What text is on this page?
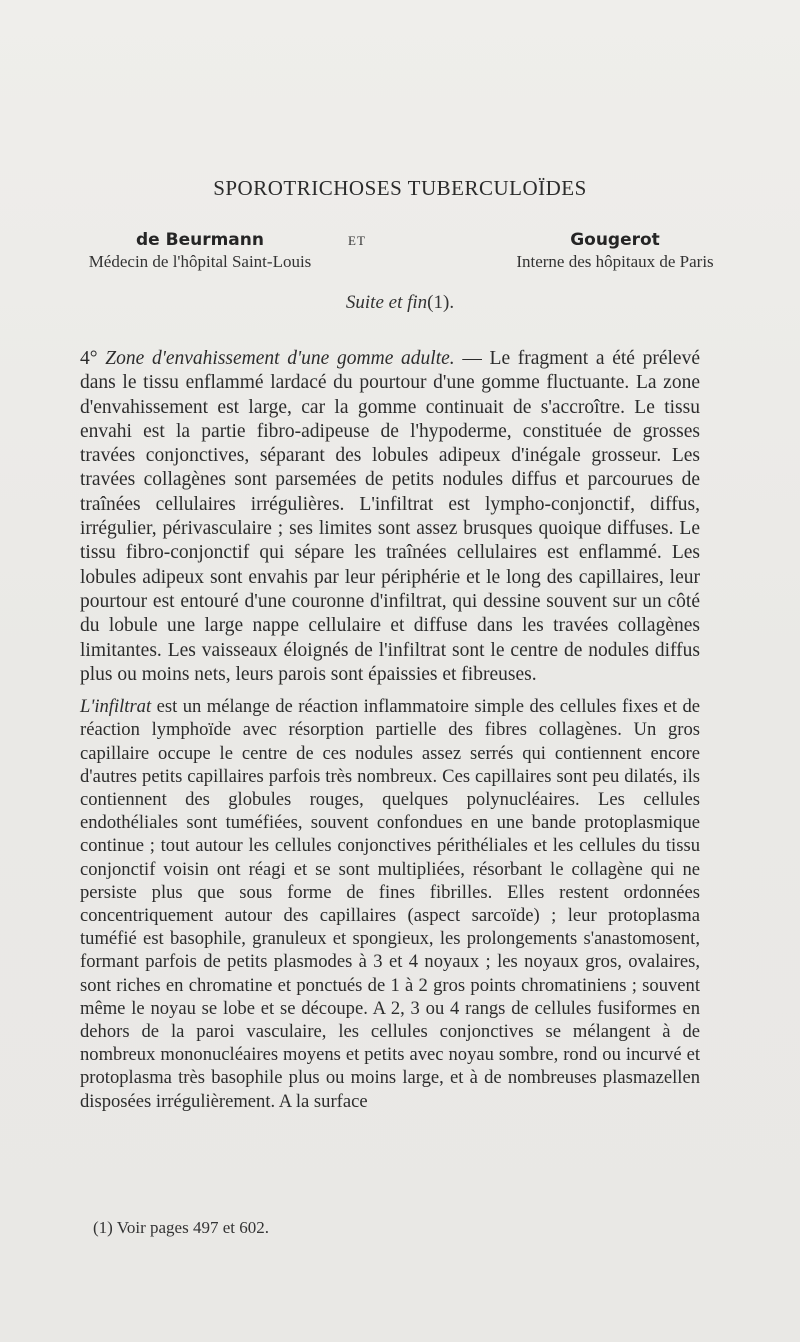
SPOROTRICHOSES TUBERCULOÏDES
de Beurmann
Médecin de l'hôpital Saint-Louis
ET	Gougerot
Interne des hôpitaux de Paris
Suite et fin(1).

4° Zone d'envahissement d'une gomme adulte. — Le fragment a été prélevé dans le tissu enflammé lardacé du pourtour d'une gomme fluctuante. La zone d'envahissement est large, car la gomme continuait de s'accroître. Le tissu envahi est la partie fibro-adipeuse de l'hypoderme, constituée de grosses travées conjonctives, séparant des lobules adipeux d'inégale grosseur. Les travées collagènes sont parsemées de petits nodules diffus et parcourues de traînées cellulaires irrégulières. L'infiltrat est lympho-conjonctif, diffus, irrégulier, périvasculaire ; ses limites sont assez brusques quoique diffuses. Le tissu fibro-conjonctif qui sépare les traînées cellulaires est enflammé. Les lobules adipeux sont envahis par leur périphérie et le long des capillaires, leur pourtour est entouré d'une couronne d'infiltrat, qui dessine souvent sur un côté du lobule une large nappe cellulaire et diffuse dans les travées collagènes limitantes. Les vaisseaux éloignés de l'infiltrat sont le centre de nodules diffus plus ou moins nets, leurs parois sont épaissies et fibreuses.

L'infiltrat est un mélange de réaction inflammatoire simple des cellules fixes et de réaction lymphoïde avec résorption partielle des fibres collagènes. Un gros capillaire occupe le centre de ces nodules assez serrés qui contiennent encore d'autres petits capillaires parfois très nombreux. Ces capillaires sont peu dilatés, ils contiennent des globules rouges, quelques polynucléaires. Les cellules endothéliales sont tuméfiées, souvent confondues en une bande protoplasmique continue ; tout autour les cellules conjonctives périthéliales et les cellules du tissu conjonctif voisin ont réagi et se sont multipliées, résorbant le collagène qui ne persiste plus que sous forme de fines fibrilles. Elles restent ordonnées concentriquement autour des capillaires (aspect sarcoïde) ; leur protoplasma tuméfié est basophile, granuleux et spongieux, les prolongements s'anastomosent, formant parfois de petits plasmodes à 3 et 4 noyaux ; les noyaux gros, ovalaires, sont riches en chromatine et ponctués de 1 à 2 gros points chromatiniens ; souvent même le noyau se lobe et se découpe. A 2, 3 ou 4 rangs de cellules fusiformes en dehors de la paroi vasculaire, les cellules conjonctives se mélangent à de nombreux mononucléaires moyens et petits avec noyau sombre, rond ou incurvé et protoplasma très basophile plus ou moins large, et à de nombreuses plasmazellen disposées irrégulièrement. A la surface

(1) Voir pages 497 et 602.
